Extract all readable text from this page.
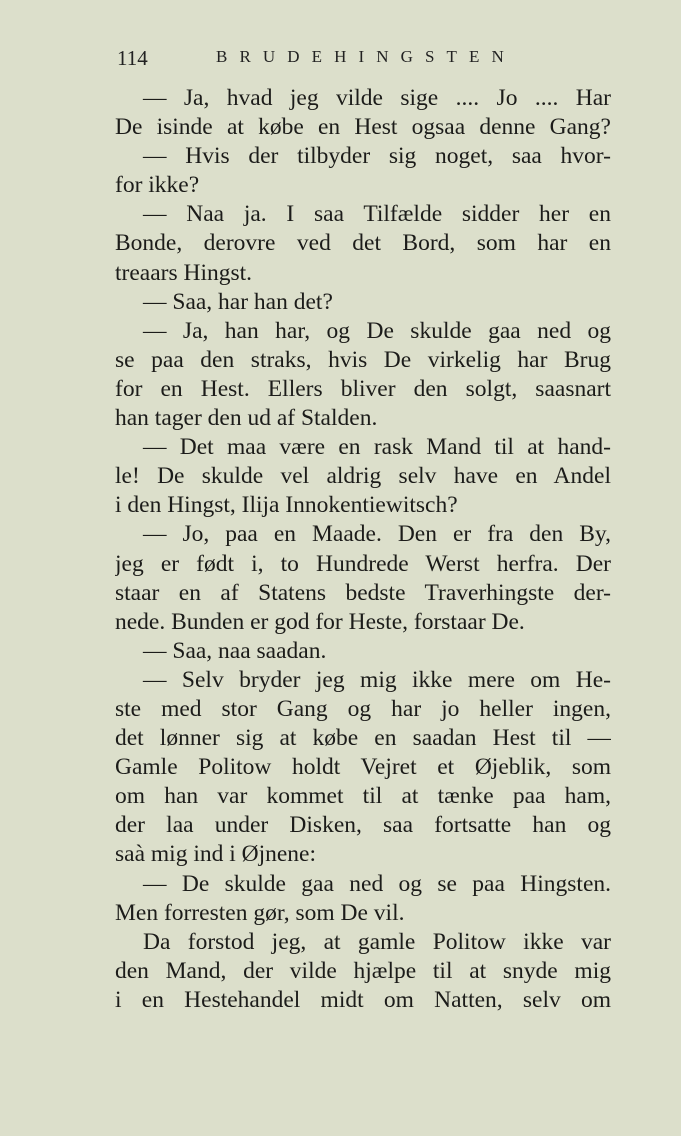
114	BRUDEHINGSTEN
— Ja, hvad jeg vilde sige .... Jo .... Har
De isinde at købe en Hest ogsaa denne Gang?
— Hvis der tilbyder sig noget, saa hvor-
for ikke?
— Naa ja. I saa Tilfælde sidder her en
Bonde, derovre ved det Bord, som har en
treaars Hingst.
— Saa, har han det?
— Ja, han har, og De skulde gaa ned og
se paa den straks, hvis De virkelig har Brug
for en Hest. Ellers bliver den solgt, saasnart
han tager den ud af Stalden.
— Det maa være en rask Mand til at hand-
le! De skulde vel aldrig selv have en Andel
i den Hingst, Ilija Innokentiewitsch?
— Jo, paa en Maade. Den er fra den By,
jeg er født i, to Hundrede Werst herfra. Der
staar en af Statens bedste Traverhingste der-
nede. Bunden er god for Heste, forstaar De.
— Saa, naa saadan.
— Selv bryder jeg mig ikke mere om He-
ste med stor Gang og har jo heller ingen,
det lønner sig at købe en saadan Hest til —
Gamle Politow holdt Vejret et Øjeblik, som
om han var kommet til at tænke paa ham,
der laa under Disken, saa fortsatte han og
saà mig ind i Øjnene:
— De skulde gaa ned og se paa Hingsten.
Men forresten gør, som De vil.
Da forstod jeg, at gamle Politow ikke var
den Mand, der vilde hjælpe til at snyde mig
i en Hestehandel midt om Natten, selv om
